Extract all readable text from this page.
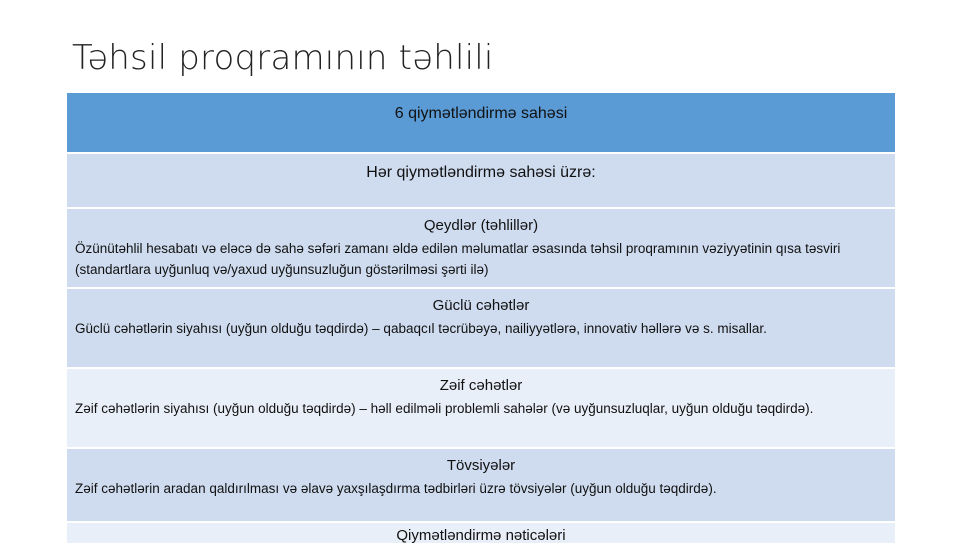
Təhsil proqramının təhlili
6 qiymətləndirmə sahəsi
Hər qiymətləndirmə sahəsi üzrə:
Qeydlər (təhlillər)
Özünütəhlil hesabatı və eləcə də sahə səfəri zamanı əldə edilən məlumatlar əsasında təhsil proqramının vəziyyətinin qısa təsviri (standartlara uyğunluq və/yaxud uyğunsuzluğun göstərilməsi şərti ilə)
Güclü cəhətlər
Güclü cəhətlərin siyahısı (uyğun olduğu təqdirdə) – qabaqcıl təcrübəyə, nailiyyətlərə, innovativ həllərə və s. misallar.
Zəif cəhətlər
Zəif cəhətlərin siyahısı (uyğun olduğu təqdirdə) – həll edilməli problemli sahələr (və uyğunsuzluqlar, uyğun olduğu təqdirdə).
Tövsiyələr
Zəif cəhətlərin aradan qaldırılması və əlavə yaxşılaşdırma tədbirləri üzrə tövsiyələr (uyğun olduğu təqdirdə).
Qiymətləndirmə nəticələri
